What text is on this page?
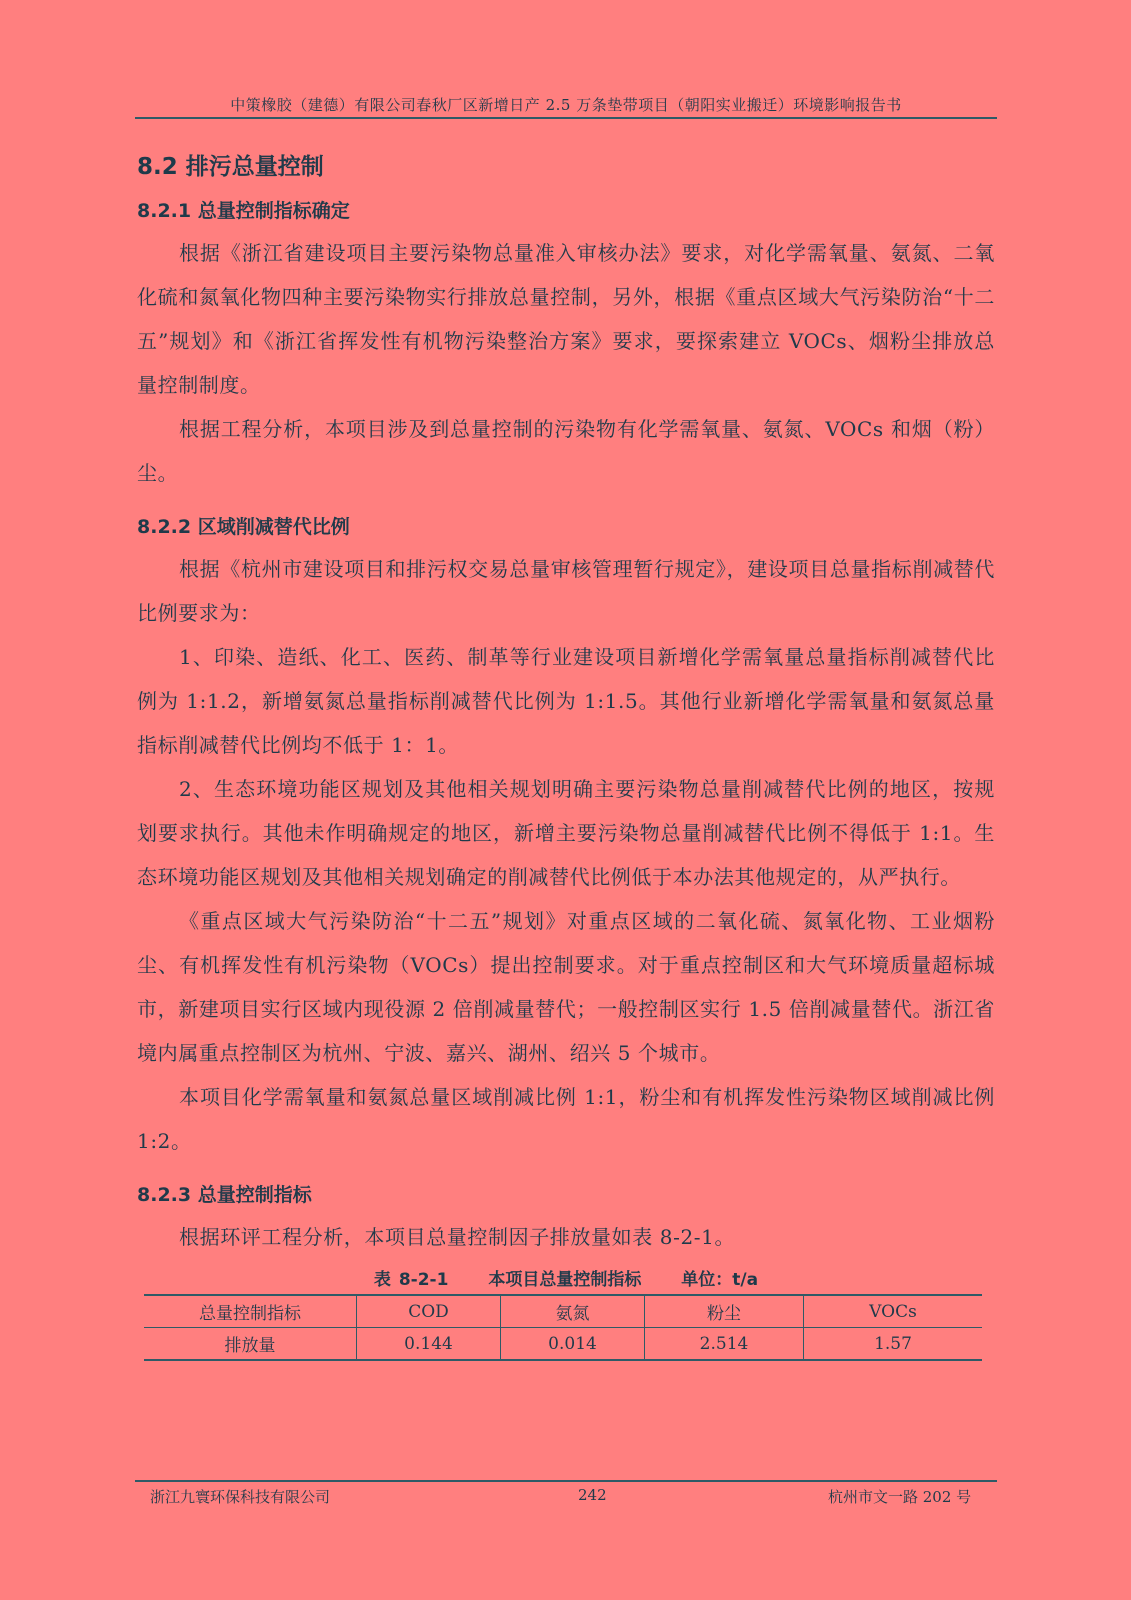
中策橡胶（建德）有限公司春秋厂区新增日产 2.5 万条垫带项目（朝阳实业搬迁）环境影响报告书
8.2 排污总量控制
8.2.1 总量控制指标确定

根据《浙江省建设项目主要污染物总量准入审核办法》要求，对化学需氧量、氨氮、二氧化硫和氮氧化物四种主要污染物实行排放总量控制，另外，根据《重点区域大气污染防治“十二五”规划》和《浙江省挥发性有机物污染整治方案》要求，要探索建立 VOCs、烟粉尘排放总量控制制度。

根据工程分析，本项目涉及到总量控制的污染物有化学需氧量、氨氮、VOCs 和烟（粉）尘。

8.2.2 区域削减替代比例

根据《杭州市建设项目和排污权交易总量审核管理暂行规定》，建设项目总量指标削减替代比例要求为：

1、印染、造纸、化工、医药、制革等行业建设项目新增化学需氧量总量指标削减替代比例为 1:1.2，新增氨氮总量指标削减替代比例为 1:1.5。其他行业新增化学需氧量和氨氮总量指标削减替代比例均不低于 1：1。

2、生态环境功能区规划及其他相关规划明确主要污染物总量削减替代比例的地区，按规划要求执行。其他未作明确规定的地区，新增主要污染物总量削减替代比例不得低于 1:1。生态环境功能区规划及其他相关规划确定的削减替代比例低于本办法其他规定的，从严执行。

《重点区域大气污染防治“十二五”规划》对重点区域的二氧化硫、氮氧化物、工业烟粉尘、有机挥发性有机污染物（VOCs）提出控制要求。对于重点控制区和大气环境质量超标城市，新建项目实行区域内现役源 2 倍削减量替代；一般控制区实行 1.5 倍削减量替代。浙江省境内属重点控制区为杭州、宁波、嘉兴、湖州、绍兴 5 个城市。

本项目化学需氧量和氨氮总量区域削减比例 1:1，粉尘和有机挥发性污染物区域削减比例 1:2。

8.2.3 总量控制指标

根据环评工程分析，本项目总量控制因子排放量如表 8-2-1。

表 8-2-1 本项目总量控制指标 单位：t/a
总量控制指标	COD	氨氮	粉尘	VOCs
排放量	0.144	0.014	2.514	1.57
浙江九寰环保科技有限公司	242	杭州市文一路 202 号
